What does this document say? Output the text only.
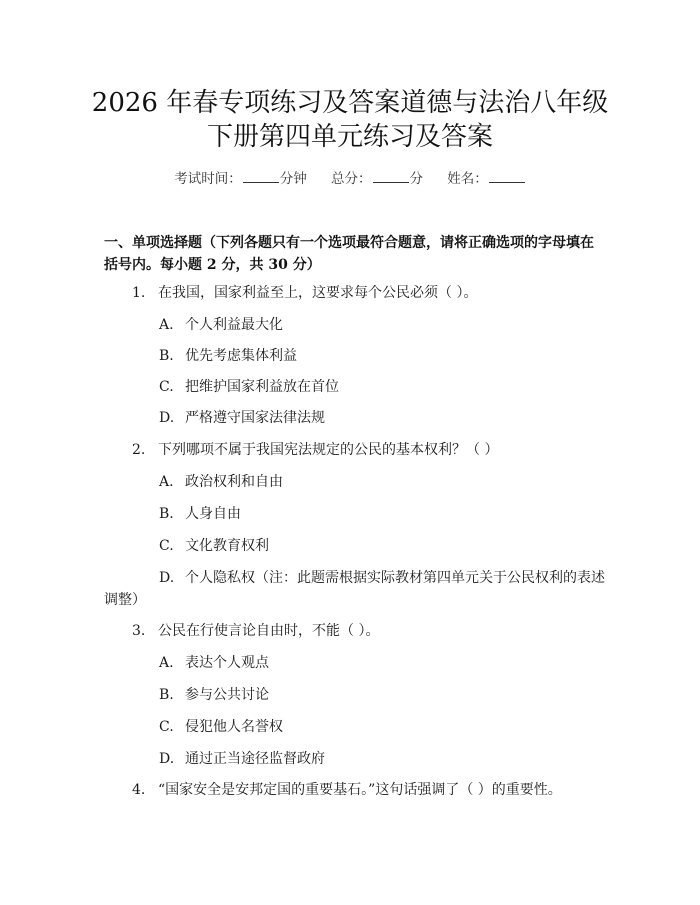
2026 年春专项练习及答案道德与法治八年级
下册第四单元练习及答案
考试时间：	分钟 总分：	分 姓名：
一、单项选择题（下列各题只有一个选项最符合题意，请将正确选项的字母填在括号内。每小题 2 分，共 30 分）
1. 在我国，国家利益至上，这要求每个公民必须（ ）。
A. 个人利益最大化
B. 优先考虑集体利益
C. 把维护国家利益放在首位
D. 严格遵守国家法律法规
2. 下列哪项不属于我国宪法规定的公民的基本权利？（ ）
A. 政治权利和自由
B. 人身自由
C. 文化教育权利
D. 个人隐私权（注：此题需根据实际教材第四单元关于公民权利的表述
调整）
3. 公民在行使言论自由时，不能（ ）。
A. 表达个人观点
B. 参与公共讨论
C. 侵犯他人名誉权
D. 通过正当途径监督政府
4. “国家安全是安邦定国的重要基石。”这句话强调了（ ）的重要性。
